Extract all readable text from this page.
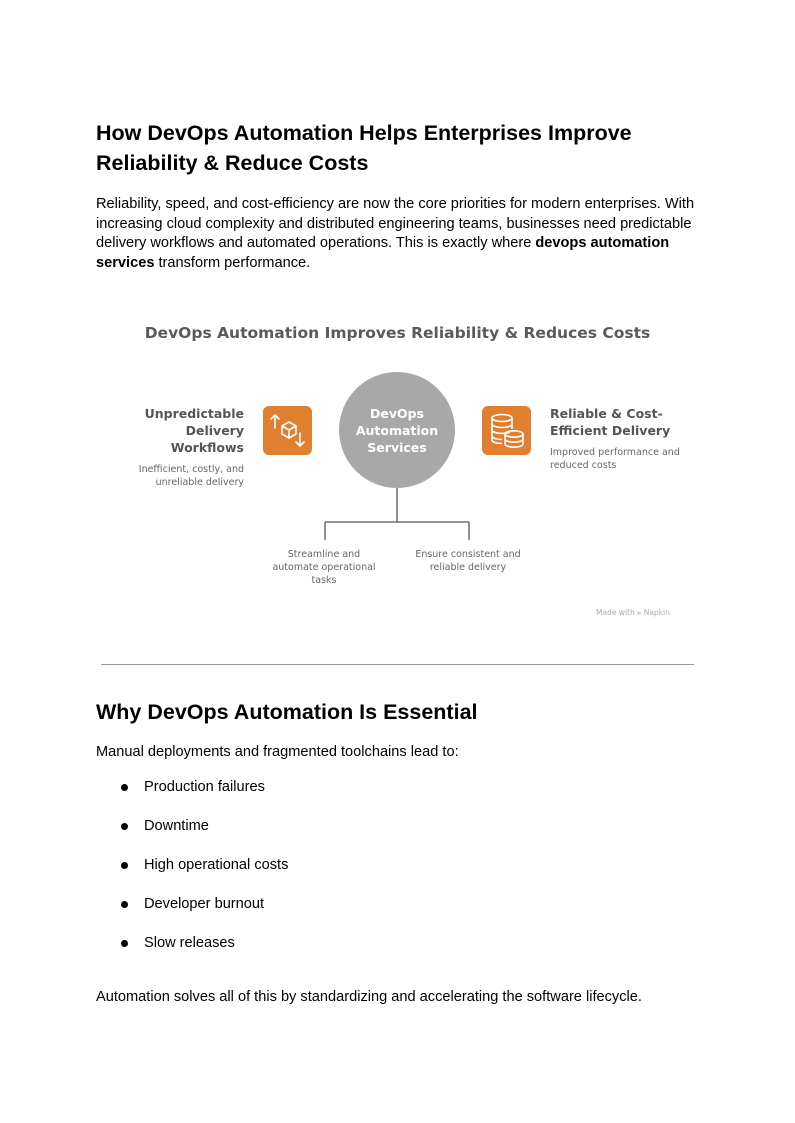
How DevOps Automation Helps Enterprises Improve Reliability & Reduce Costs

Reliability, speed, and cost-efficiency are now the core priorities for modern enterprises. With increasing cloud complexity and distributed engineering teams, businesses need predictable delivery workflows and automated operations. This is exactly where devops automation services transform performance.

DevOps Automation Improves Reliability & Reduces Costs
Unpredictable Delivery Workflows
Inefficient, costly, and unreliable delivery
DevOps Automation Services
Reliable & Cost-Efficient Delivery
Improved performance and reduced costs
Streamline and automate operational tasks
Ensure consistent and reliable delivery
Made with ⪢ Napkin
Why DevOps Automation Is Essential

Manual deployments and fragmented toolchains lead to:

Production failures
Downtime
High operational costs
Developer burnout
Slow releases

Automation solves all of this by standardizing and accelerating the software lifecycle.
